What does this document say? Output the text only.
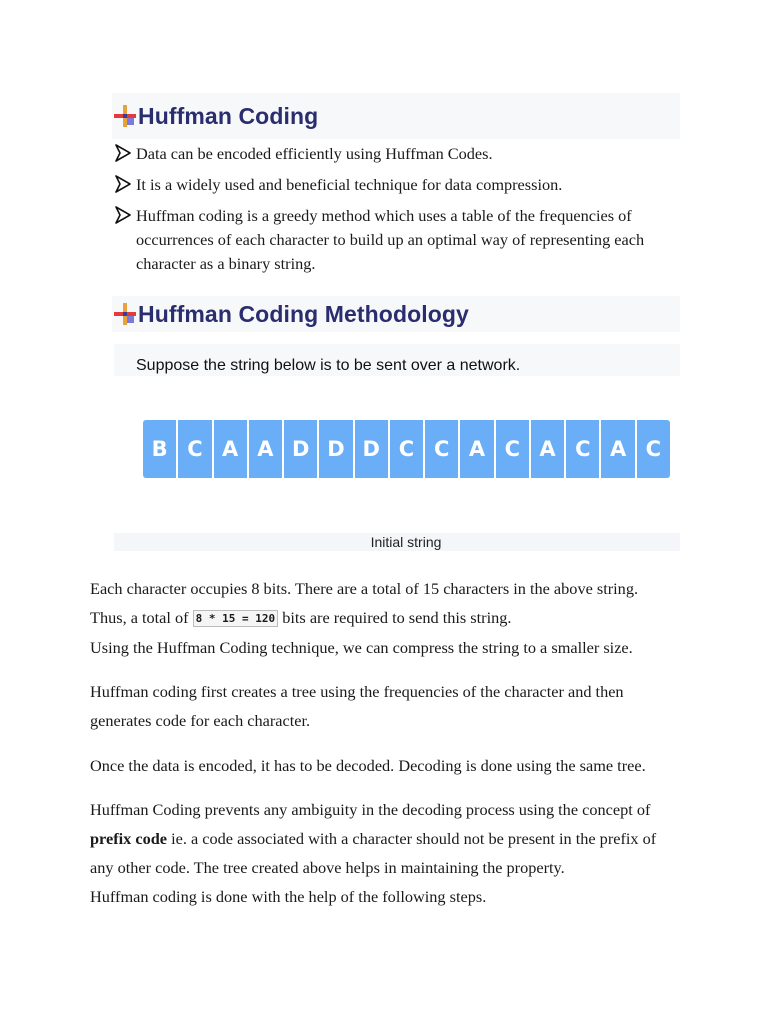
Huffman Coding
Data can be encoded efficiently using Huffman Codes.
It is a widely used and beneficial technique for data compression.
Huffman coding is a greedy method which uses a table of the frequencies of occurrences of each character to build up an optimal way of representing each character as a binary string.
Huffman Coding Methodology
Suppose the string below is to be sent over a network.
B C A A D D D C C A C A C A C
Initial string
Each character occupies 8 bits. There are a total of 15 characters in the above string.
Thus, a total of 8 * 15 = 120 bits are required to send this string.
Using the Huffman Coding technique, we can compress the string to a smaller size.
Huffman coding first creates a tree using the frequencies of the character and then generates code for each character.
Once the data is encoded, it has to be decoded. Decoding is done using the same tree.
Huffman Coding prevents any ambiguity in the decoding process using the concept of prefix code ie. a code associated with a character should not be present in the prefix of any other code. The tree created above helps in maintaining the property.
Huffman coding is done with the help of the following steps.
